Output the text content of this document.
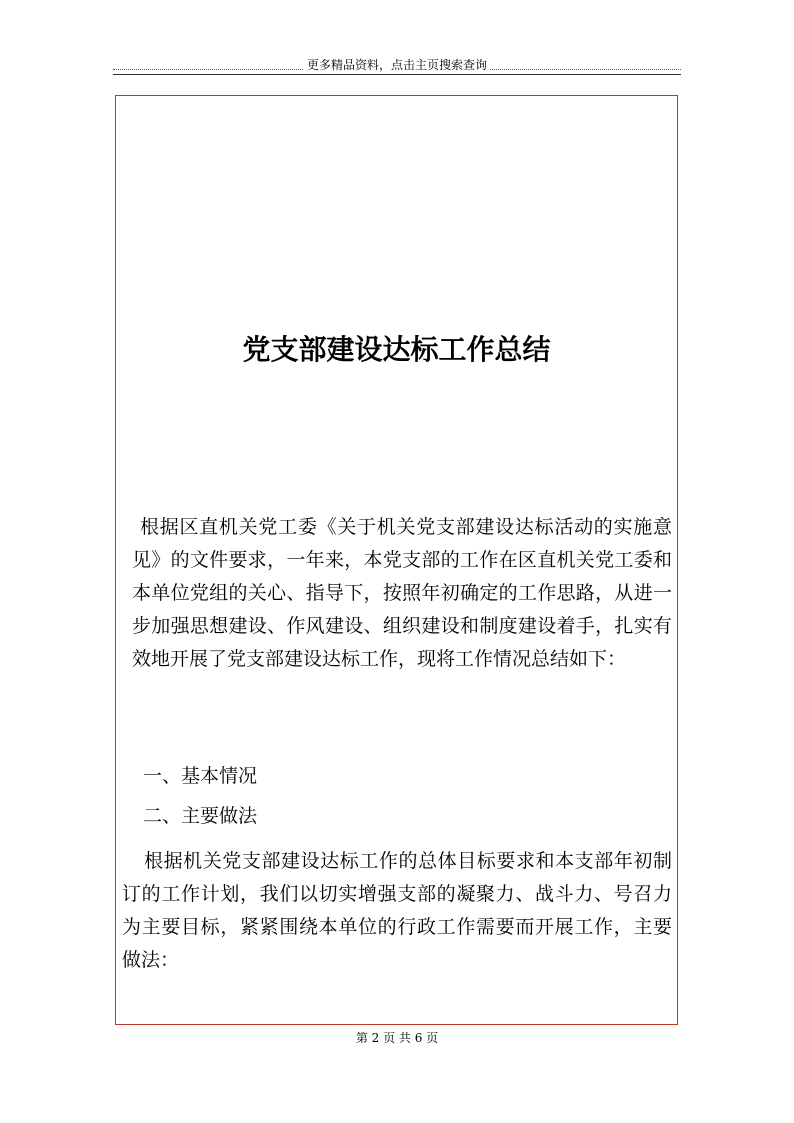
更多精品资料，点击主页搜索查询
党支部建设达标工作总结

根据区直机关党工委《关于机关党支部建设达标活动的实施意见》的文件要求，一年来，本党支部的工作在区直机关党工委和本单位党组的关心、指导下，按照年初确定的工作思路，从进一步加强思想建设、作风建设、组织建设和制度建设着手，扎实有效地开展了党支部建设达标工作，现将工作情况总结如下：

一、基本情况

二、主要做法

根据机关党支部建设达标工作的总体目标要求和本支部年初制订的工作计划，我们以切实增强支部的凝聚力、战斗力、号召力为主要目标，紧紧围绕本单位的行政工作需要而开展工作，主要做法：

第 2 页 共 6 页
